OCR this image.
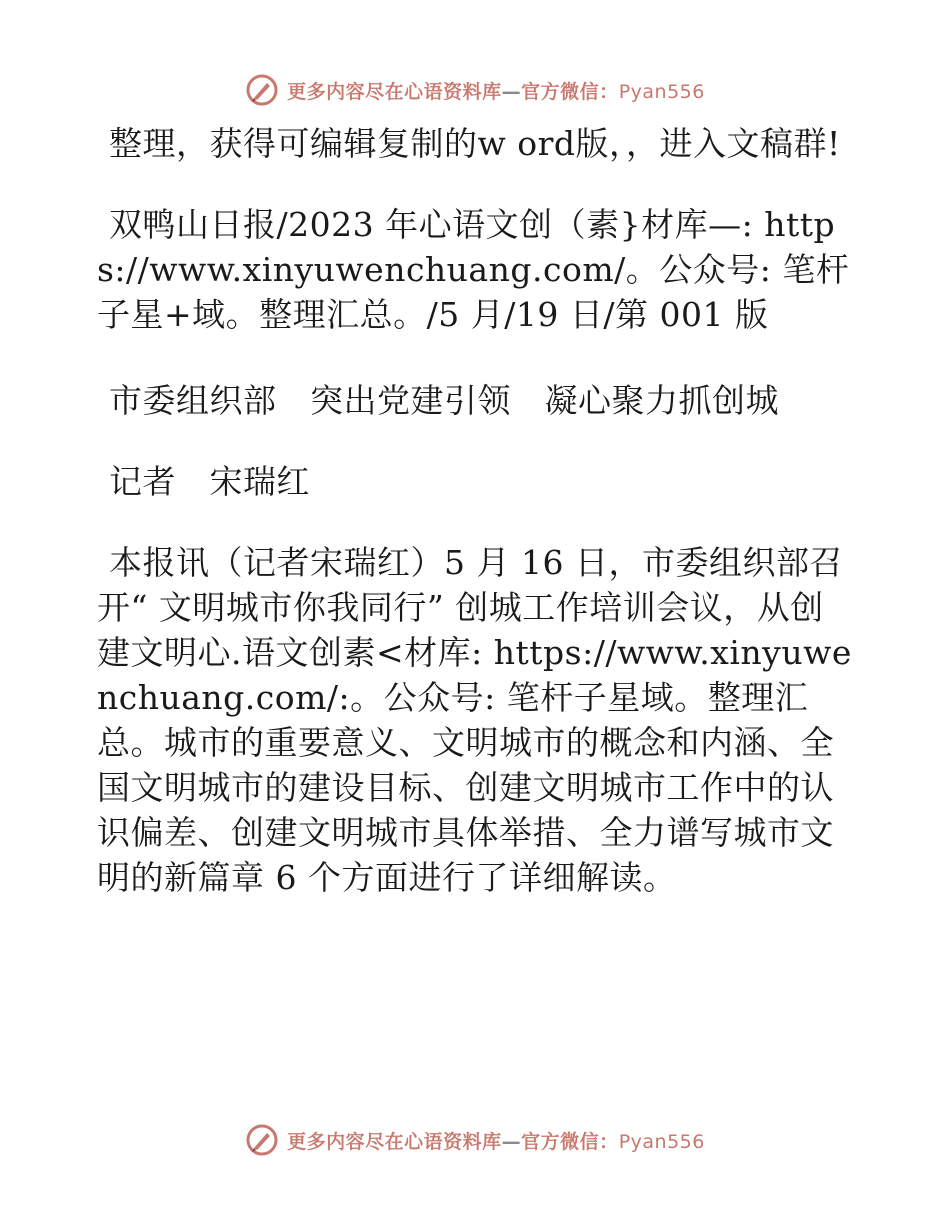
更多内容尽在心语资料库—官方微信：Pyan556

整理，获得可编辑复制的w ord版，，进入文稿群!

双鸭山日报/2023 年心语文创（素}材库—: https://www.xinyuwenchuang.com/。公众号: 笔杆子星+域。整理汇总。/5 月/19 日/第 001 版

市委组织部　突出党建引领　凝心聚力抓创城

记者　宋瑞红

本报讯（记者宋瑞红）5 月 16 日，市委组织部召开“ 文明城市你我同行” 创城工作培训会议，从创建文明心.语文创素<材库: https://www.xinyuwenchuang.com/:。公众号: 笔杆子星域。整理汇总。城市的重要意义、文明城市的概念和内涵、全国文明城市的建设目标、创建文明城市工作中的认识偏差、创建文明城市具体举措、全力谱写城市文明的新篇章 6 个方面进行了详细解读。

更多内容尽在心语资料库—官方微信：Pyan556
